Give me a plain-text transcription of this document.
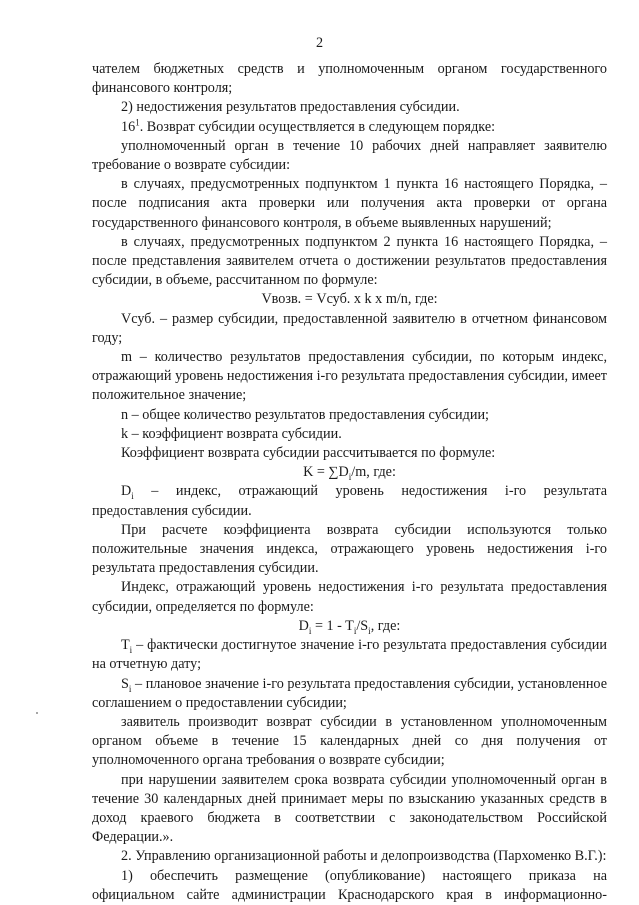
2

чателем бюджетных средств и уполномоченным органом государственного финансового контроля;

2) недостижения результатов предоставления субсидии.

$16^1$. Возврат субсидии осуществляется в следующем порядке:

уполномоченный орган в течение 10 рабочих дней направляет заявителю требование о возврате субсидии:

в случаях, предусмотренных подпунктом 1 пункта 16 настоящего Порядка, – после подписания акта проверки или получения акта проверки от органа государственного финансового контроля, в объеме выявленных нарушений;

в случаях, предусмотренных подпунктом 2 пункта 16 настоящего Порядка, – после представления заявителем отчета о достижении результатов предоставления субсидии, в объеме, рассчитанном по формуле:

Vвозв. = Vсуб. x k x m/n, где:

Vсуб. – размер субсидии, предоставленной заявителю в отчетном финансовом году;

m – количество результатов предоставления субсидии, по которым индекс, отражающий уровень недостижения i-го результата предоставления субсидии, имеет положительное значение;

n – общее количество результатов предоставления субсидии;

k – коэффициент возврата субсидии.

Коэффициент возврата субсидии рассчитывается по формуле:

$K = \sum D_i/m$, где:

$D_i$ – индекс, отражающий уровень недостижения i-го результата предоставления субсидии.

При расчете коэффициента возврата субсидии используются только положительные значения индекса, отражающего уровень недостижения i-го результата предоставления субсидии.

Индекс, отражающий уровень недостижения i-го результата предоставления субсидии, определяется по формуле:

$D_i = 1 - T_i/S_i$, где:

$T_i$ – фактически достигнутое значение i-го результата предоставления субсидии на отчетную дату;

$S_i$ – плановое значение i-го результата предоставления субсидии, установленное соглашением о предоставлении субсидии;

заявитель производит возврат субсидии в установленном уполномоченным органом объеме в течение 15 календарных дней со дня получения от уполномоченного органа требования о возврате субсидии;

при нарушении заявителем срока возврата субсидии уполномоченный орган в течение 30 календарных дней принимает меры по взысканию указанных средств в доход краевого бюджета в соответствии с законодательством Российской Федерации.».

2. Управлению организационной работы и делопроизводства (Пархоменко В.Г.):

1) обеспечить размещение (опубликование) настоящего приказа на официальном сайте администрации Краснодарского края в информационно-
